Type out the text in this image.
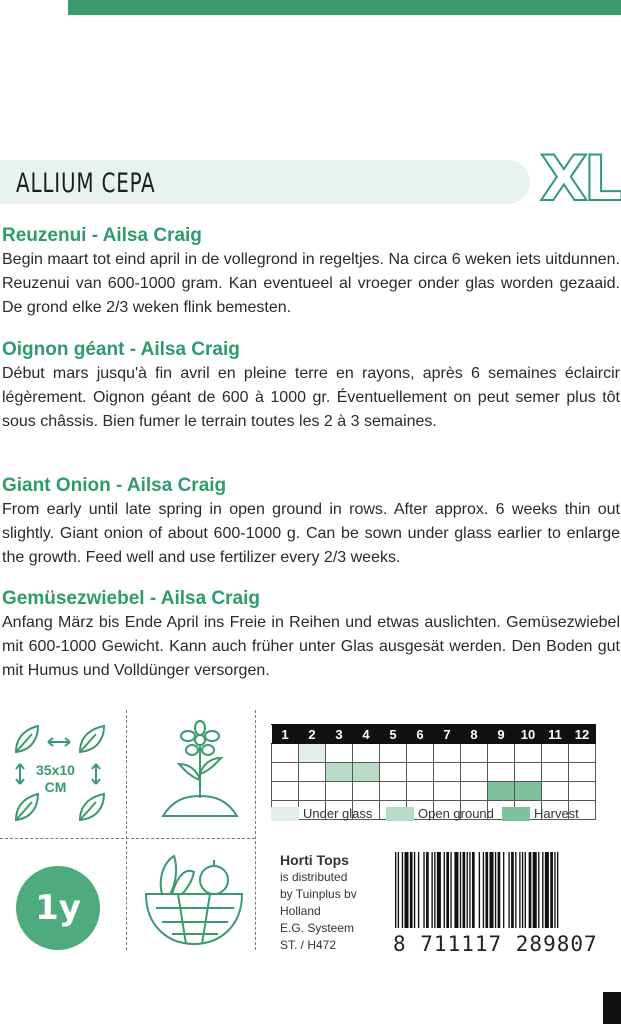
ALLIUM CEPA	XL
Reuzenui - Ailsa Craig

Begin maart tot eind april in de vollegrond in regeltjes. Na circa 6 weken iets uitdunnen. Reuzenui van 600-1000 gram. Kan eventueel al vroeger onder glas worden gezaaid. De grond elke 2/3 weken flink bemesten.

Oignon géant - Ailsa Craig

Début mars jusqu'à fin avril en pleine terre en rayons, après 6 semaines éclaircir légèrement. Oignon géant de 600 à 1000 gr. Éventuellement on peut semer plus tôt sous châssis. Bien fumer le terrain toutes les 2 à 3 semaines.

Giant Onion - Ailsa Craig

From early until late spring in open ground in rows. After approx. 6 weeks thin out slightly. Giant onion of about 600-1000 g. Can be sown under glass earlier to enlarge the growth. Feed well and use fertilizer every 2/3 weeks.

Gemüsezwiebel - Ailsa Craig

Anfang März bis Ende April ins Freie in Reihen und etwas auslichten. Gemüsezwiebel mit 600-1000 Gewicht. Kann auch früher unter Glas ausgesät werden. Den Boden gut mit Humus und Volldünger versorgen.

35x10
CM
1y
1	2	3	4	5	6	7	8	9	10	11	12

Under glass	Open ground	Harvest
Horti Tops
is distributed
by Tuinplus bv
Holland
E.G. Systeem
ST. / H472	8 711117 289807
